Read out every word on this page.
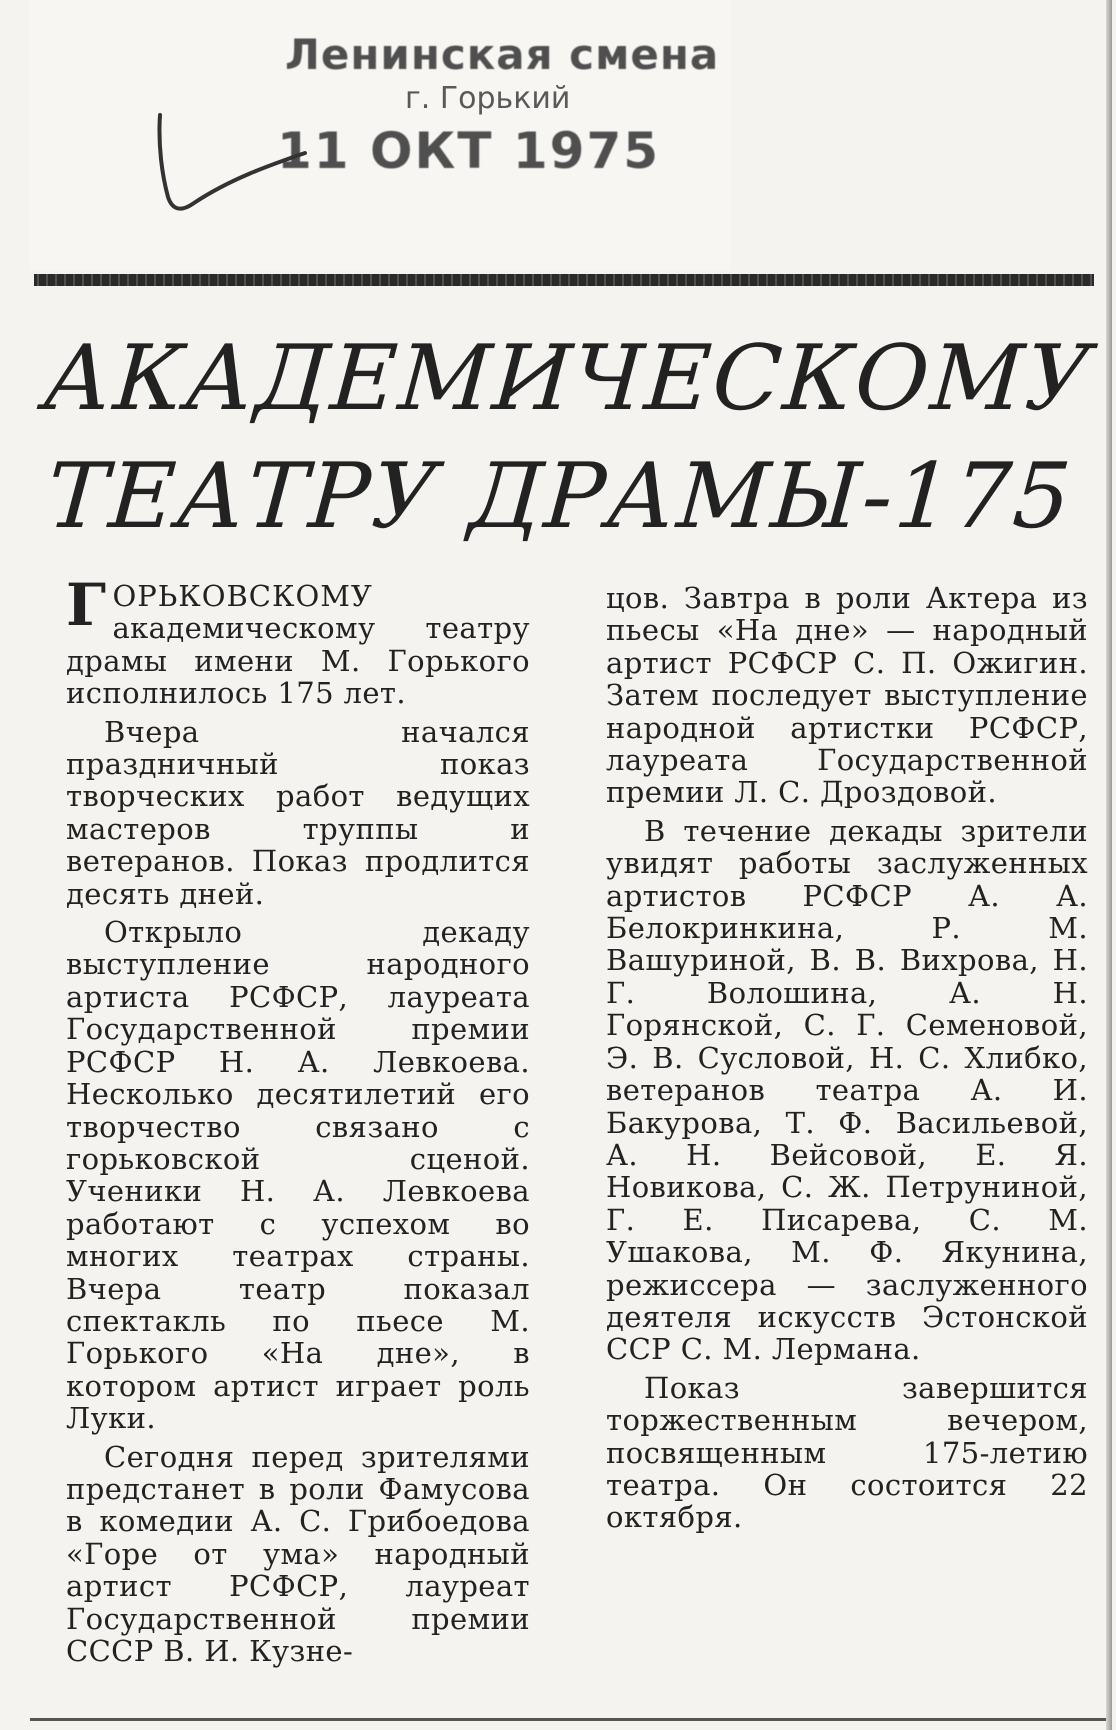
Ленинская смена
г. Горький
11 ОКТ 1975
АКАДЕМИЧЕСКОМУ
ТЕАТРУ ДРАМЫ-175

ГОРЬКОВСКОМУ академическому театру драмы имени М. Горького исполнилось 175 лет.

Вчера начался праздничный показ творческих работ ведущих мастеров труппы и ветеранов. Показ продлится десять дней.

Открыло декаду выступление народного артиста РСФСР, лауреата Государственной премии РСФСР Н. А. Левкоева. Несколько десятилетий его творчество связано с горьковской сценой. Ученики Н. А. Левкоева работают с успехом во многих театрах страны. Вчера театр показал спектакль по пьесе М. Горького «На дне», в котором артист играет роль Луки.

Сегодня перед зрителями предстанет в роли Фамусова в комедии А. С. Грибоедова «Горе от ума» народный артист РСФСР, лауреат Государственной премии СССР В. И. Кузне-

цов. Завтра в роли Актера из пьесы «На дне» — народный артист РСФСР С. П. Ожигин. Затем последует выступление народной артистки РСФСР, лауреата Государственной премии Л. С. Дроздовой.

В течение декады зрители увидят работы заслуженных артистов РСФСР А. А. Белокринкина, Р. М. Вашуриной, В. В. Вихрова, Н. Г. Волошина, А. Н. Горянской, С. Г. Семеновой, Э. В. Сусловой, Н. С. Хлибко, ветеранов театра А. И. Бакурова, Т. Ф. Васильевой, А. Н. Вейсовой, Е. Я. Новикова, С. Ж. Петруниной, Г. Е. Писарева, С. М. Ушакова, М. Ф. Якунина, режиссера — заслуженного деятеля искусств Эстонской ССР С. М. Лермана.

Показ завершится торжественным вечером, посвященным 175-летию театра. Он состоится 22 октября.
